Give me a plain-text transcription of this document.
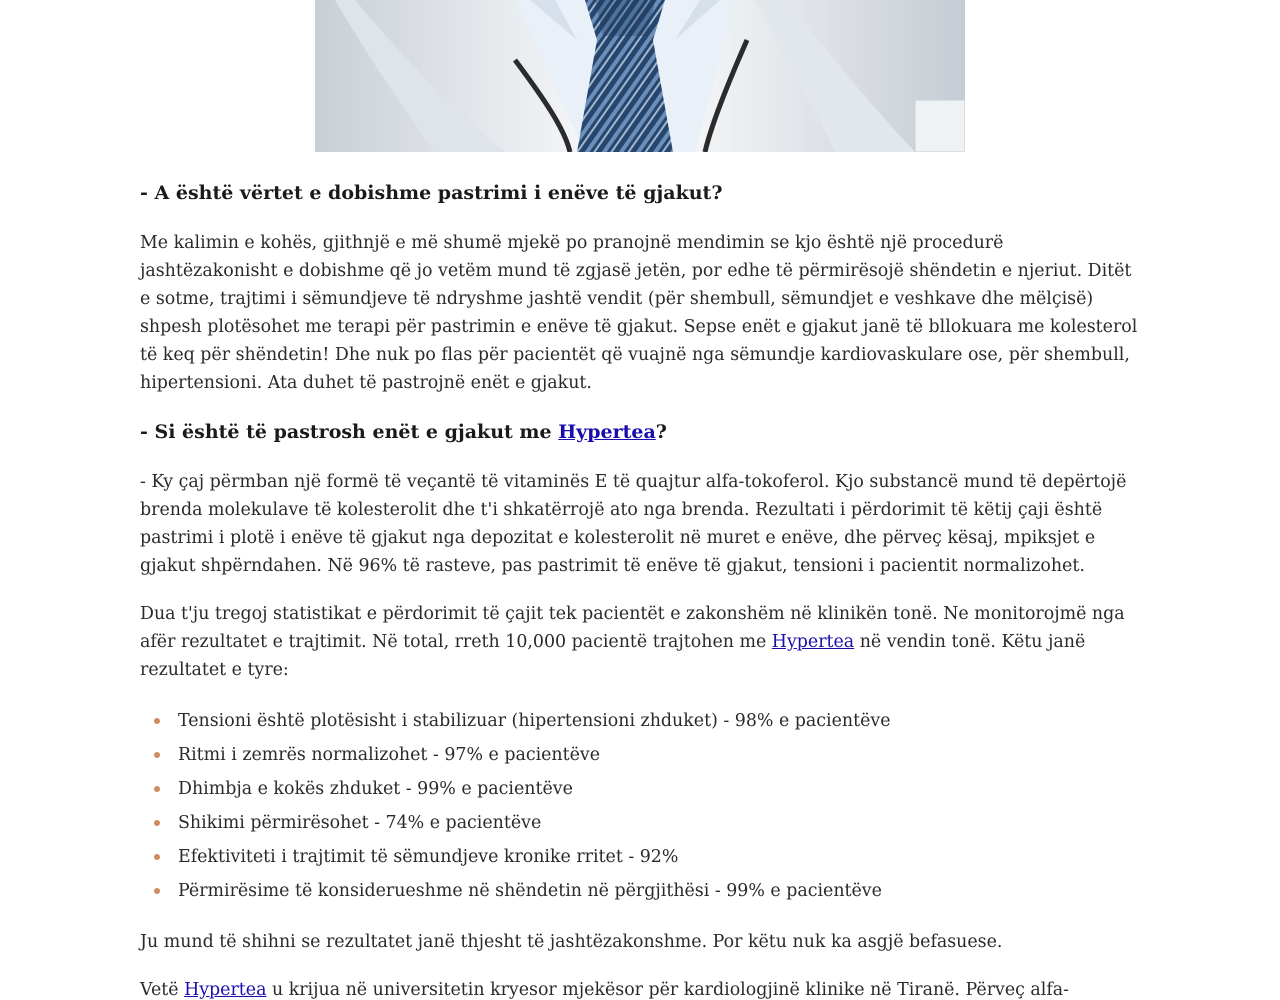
- A është vërtet e dobishme pastrimi i enëve të gjakut?

Me kalimin e kohës, gjithnjë e më shumë mjekë po pranojnë mendimin se kjo është një procedurë jashtëzakonisht e dobishme që jo vetëm mund të zgjasë jetën, por edhe të përmirësojë shëndetin e njeriut. Ditët e sotme, trajtimi i sëmundjeve të ndryshme jashtë vendit (për shembull, sëmundjet e veshkave dhe mëlçisë) shpesh plotësohet me terapi për pastrimin e enëve të gjakut. Sepse enët e gjakut janë të bllokuara me kolesterol të keq për shëndetin! Dhe nuk po flas për pacientët që vuajnë nga sëmundje kardiovaskulare ose, për shembull, hipertensioni. Ata duhet të pastrojnë enët e gjakut.

- Si është të pastrosh enët e gjakut me Hypertea?

- Ky çaj përmban një formë të veçantë të vitaminës E të quajtur alfa-tokoferol. Kjo substancë mund të depërtojë brenda molekulave të kolesterolit dhe t'i shkatërrojë ato nga brenda. Rezultati i përdorimit të këtij çaji është pastrimi i plotë i enëve të gjakut nga depozitat e kolesterolit në muret e enëve, dhe përveç kësaj, mpiksjet e gjakut shpërndahen. Në 96% të rasteve, pas pastrimit të enëve të gjakut, tensioni i pacientit normalizohet.

Dua t'ju tregoj statistikat e përdorimit të çajit tek pacientët e zakonshëm në klinikën tonë. Ne monitorojmë nga afër rezultatet e trajtimit. Në total, rreth 10,000 pacientë trajtohen me Hypertea në vendin tonë. Këtu janë rezultatet e tyre:

Tensioni është plotësisht i stabilizuar (hipertensioni zhduket) - 98% e pacientëve
Ritmi i zemrës normalizohet - 97% e pacientëve
Dhimbja e kokës zhduket - 99% e pacientëve
Shikimi përmirësohet - 74% e pacientëve
Efektiviteti i trajtimit të sëmundjeve kronike rritet - 92%
Përmirësime të konsiderueshme në shëndetin në përgjithësi - 99% e pacientëve

Ju mund të shihni se rezultatet janë thjesht të jashtëzakonshme. Por këtu nuk ka asgjë befasuese.

Vetë Hypertea u krijua në universitetin kryesor mjekësor për kardiologjinë klinike në Tiranë. Përveç alfa-
